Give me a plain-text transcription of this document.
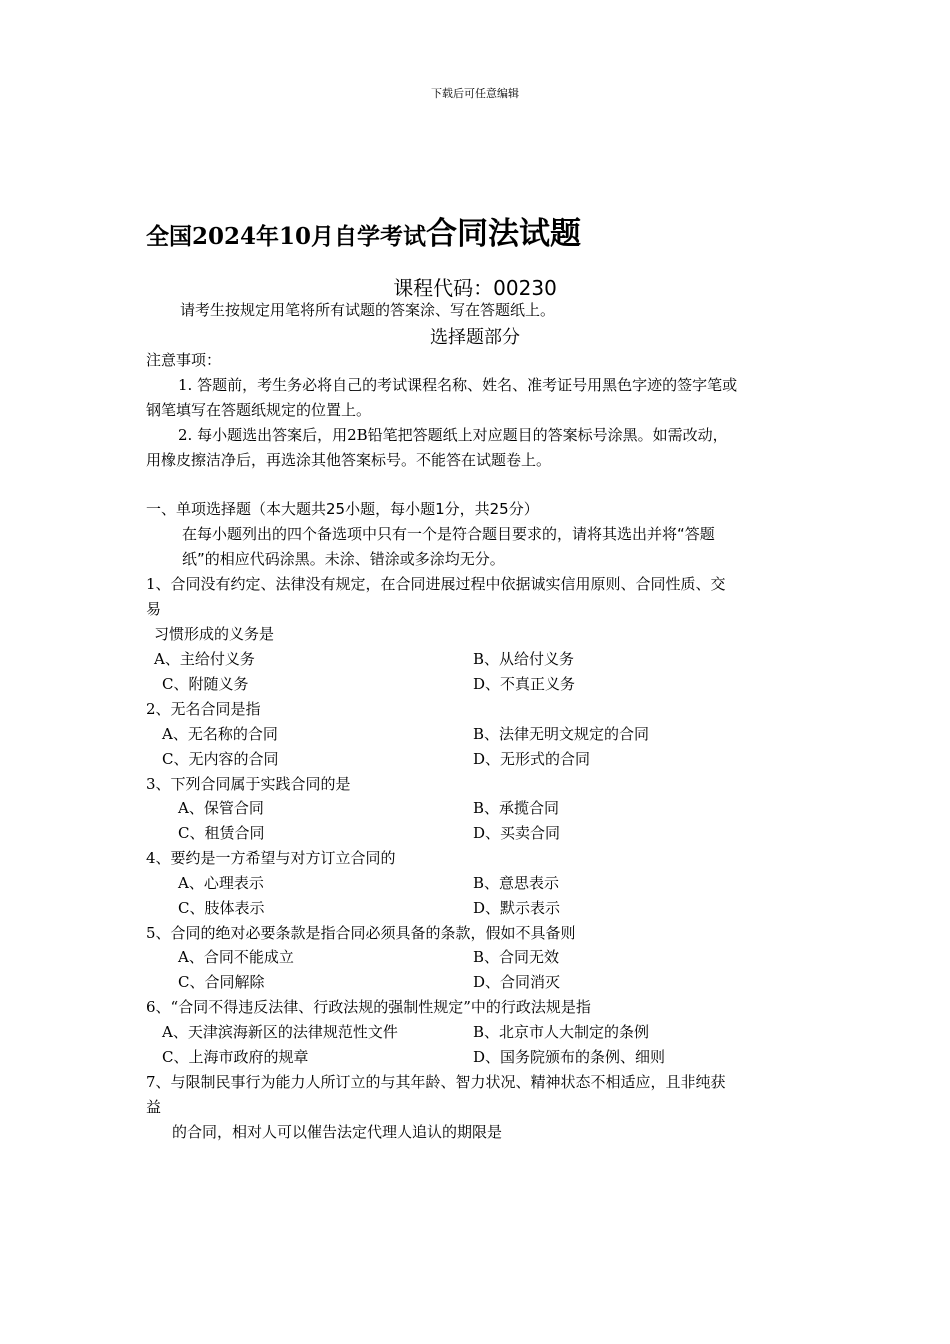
下载后可任意编辑
全国2024年10月自学考试合同法试题
课程代码：00230
请考生按规定用笔将所有试题的答案涂、写在答题纸上。
选择题部分
注意事项：
1. 答题前，考生务必将自己的考试课程名称、姓名、准考证号用黑色字迹的签字笔或
钢笔填写在答题纸规定的位置上。
2. 每小题选出答案后，用2B铅笔把答题纸上对应题目的答案标号涂黑。如需改动，
用橡皮擦洁净后，再选涂其他答案标号。不能答在试题卷上。
一、单项选择题（本大题共25小题，每小题1分，共25分）
在每小题列出的四个备选项中只有一个是符合题目要求的，请将其选出并将“答题
纸”的相应代码涂黑。未涂、错涂或多涂均无分。
1、合同没有约定、法律没有规定，在合同进展过程中依据诚实信用原则、合同性质、交
易
习惯形成的义务是
A、主给付义务	B、从给付义务
C、附随义务	D、不真正义务
2、无名合同是指
A、无名称的合同	B、法律无明文规定的合同
C、无内容的合同	D、无形式的合同
3、下列合同属于实践合同的是
A、保管合同	B、承揽合同
C、租赁合同	D、买卖合同
4、要约是一方希望与对方订立合同的
A、心理表示	B、意思表示
C、肢体表示	D、默示表示
5、合同的绝对必要条款是指合同必须具备的条款，假如不具备则
A、合同不能成立	B、合同无效
C、合同解除	D、合同消灭
6、“合同不得违反法律、行政法规的强制性规定”中的行政法规是指
A、天津滨海新区的法律规范性文件	B、北京市人大制定的条例
C、上海市政府的规章	D、国务院颁布的条例、细则
7、与限制民事行为能力人所订立的与其年龄、智力状况、精神状态不相适应，且非纯获
益
的合同，相对人可以催告法定代理人追认的期限是
